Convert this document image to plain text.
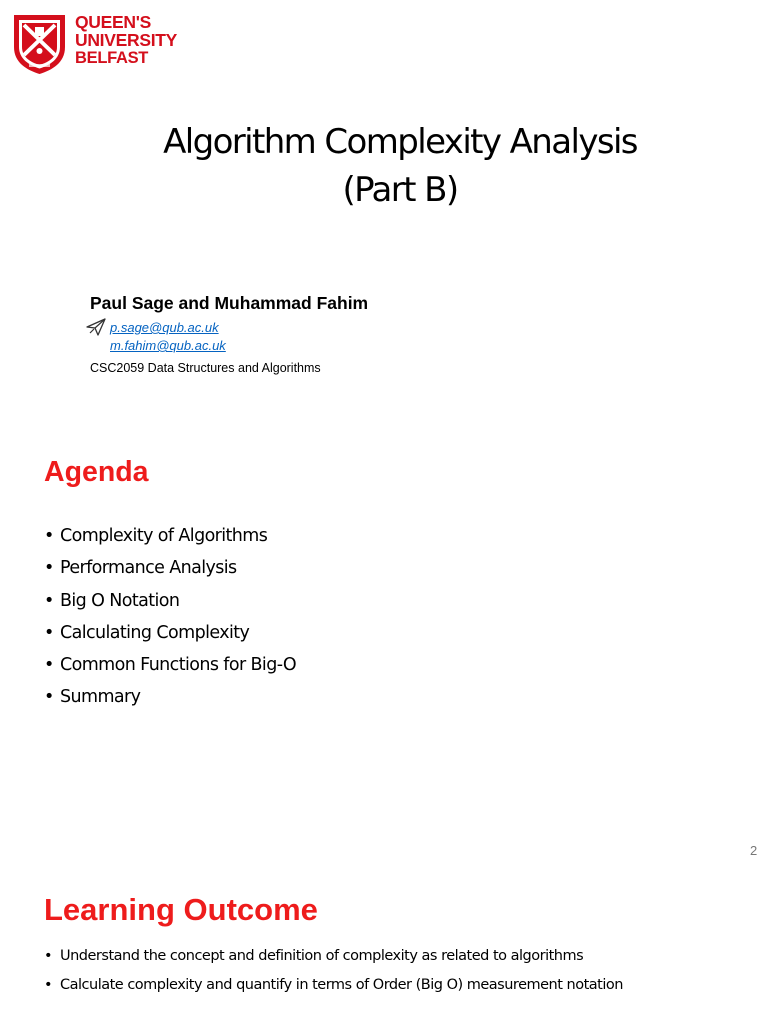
QUEEN'S
UNIVERSITY
BELFAST
Algorithm Complexity Analysis
(Part B)
Paul Sage and Muhammad Fahim
p.sage@qub.ac.uk
m.fahim@qub.ac.uk
CSC2059 Data Structures and Algorithms
Agenda
• Complexity of Algorithms
• Performance Analysis
• Big O Notation
• Calculating Complexity
• Common Functions for Big-O
• Summary
2
Learning Outcome
• Understand the concept and definition of complexity as related to algorithms
• Calculate complexity and quantify in terms of Order (Big O) measurement notation
